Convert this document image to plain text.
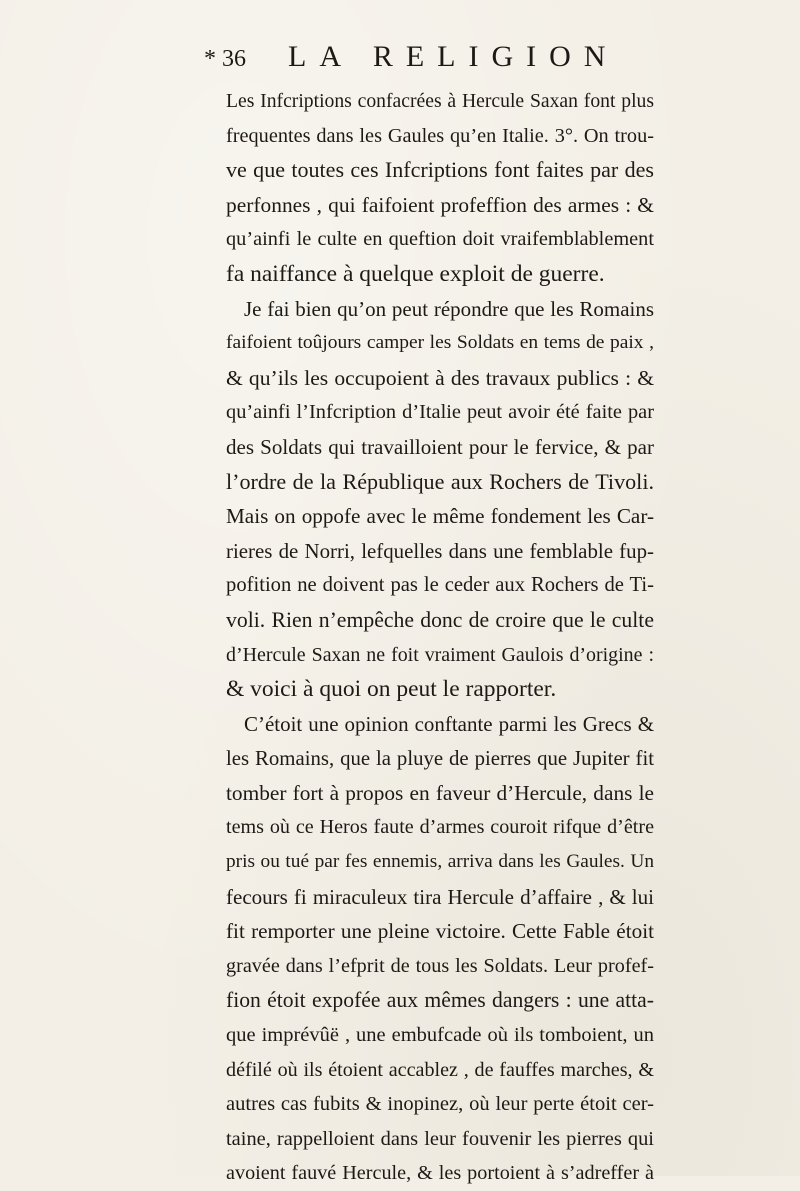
* 36 LA RELIGION
Les Infcriptions confacrées à Hercule Saxan font plus
frequentes dans les Gaules qu’en Italie. 3°. On trou-
ve que toutes ces Infcriptions font faites par des
perfonnes , qui faifoient profeffion des armes : &
qu’ainfi le culte en queftion doit vraifemblablement
fa naiffance à quelque exploit de guerre.
Je fai bien qu’on peut répondre que les Romains
faifoient toûjours camper les Soldats en tems de paix ,
& qu’ils les occupoient à des travaux publics : &
qu’ainfi l’Infcription d’Italie peut avoir été faite par
des Soldats qui travailloient pour le fervice, & par
l’ordre de la République aux Rochers de Tivoli.
Mais on oppofe avec le même fondement les Car-
rieres de Norri, lefquelles dans une femblable fup-
pofition ne doivent pas le ceder aux Rochers de Ti-
voli. Rien n’empêche donc de croire que le culte
d’Hercule Saxan ne foit vraiment Gaulois d’origine :
& voici à quoi on peut le rapporter.
C’étoit une opinion conftante parmi les Grecs &
les Romains, que la pluye de pierres que Jupiter fit
tomber fort à propos en faveur d’Hercule, dans le
tems où ce Heros faute d’armes couroit rifque d’être
pris ou tué par fes ennemis, arriva dans les Gaules. Un
fecours fi miraculeux tira Hercule d’affaire , & lui
fit remporter une pleine victoire. Cette Fable étoit
gravée dans l’efprit de tous les Soldats. Leur profef-
fion étoit expofée aux mêmes dangers : une atta-
que imprévûë , une embufcade où ils tomboient, un
défilé où ils étoient accablez , de fauffes marches, &
autres cas fubits & inopinez, où leur perte étoit cer-
taine, rappelloient dans leur fouvenir les pierres qui
avoient fauvé Hercule, & les portoient à s’adreffer à
